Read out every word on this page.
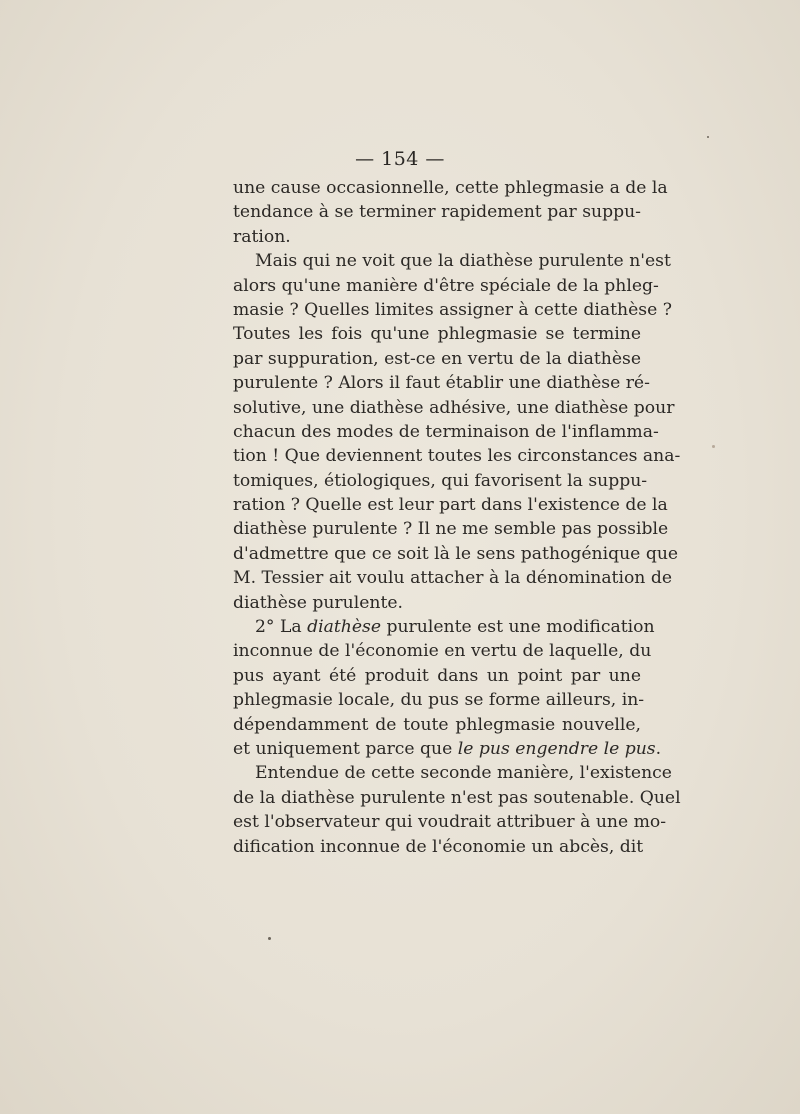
— 154 —
une cause occasionnelle, cette phlegmasie a de la
tendance à se terminer rapidement par suppu-
ration.
Mais qui ne voit que la diathèse purulente n'est
alors qu'une manière d'être spéciale de la phleg-
masie ? Quelles limites assigner à cette diathèse ?
Toutes les fois qu'une phlegmasie se termine
par suppuration, est-ce en vertu de la diathèse
purulente ? Alors il faut établir une diathèse ré-
solutive, une diathèse adhésive, une diathèse pour
chacun des modes de terminaison de l'inflamma-
tion ! Que deviennent toutes les circonstances ana-
tomiques, étiologiques, qui favorisent la suppu-
ration ? Quelle est leur part dans l'existence de la
diathèse purulente ? Il ne me semble pas possible
d'admettre que ce soit là le sens pathogénique que
M. Tessier ait voulu attacher à la dénomination de
diathèse purulente.
2° La diathèse purulente est une modification
inconnue de l'économie en vertu de laquelle, du
pus ayant été produit dans un point par une
phlegmasie locale, du pus se forme ailleurs, in-
dépendamment de toute phlegmasie nouvelle,
et uniquement parce que le pus engendre le pus.
Entendue de cette seconde manière, l'existence
de la diathèse purulente n'est pas soutenable. Quel
est l'observateur qui voudrait attribuer à une mo-
dification inconnue de l'économie un abcès, dit
